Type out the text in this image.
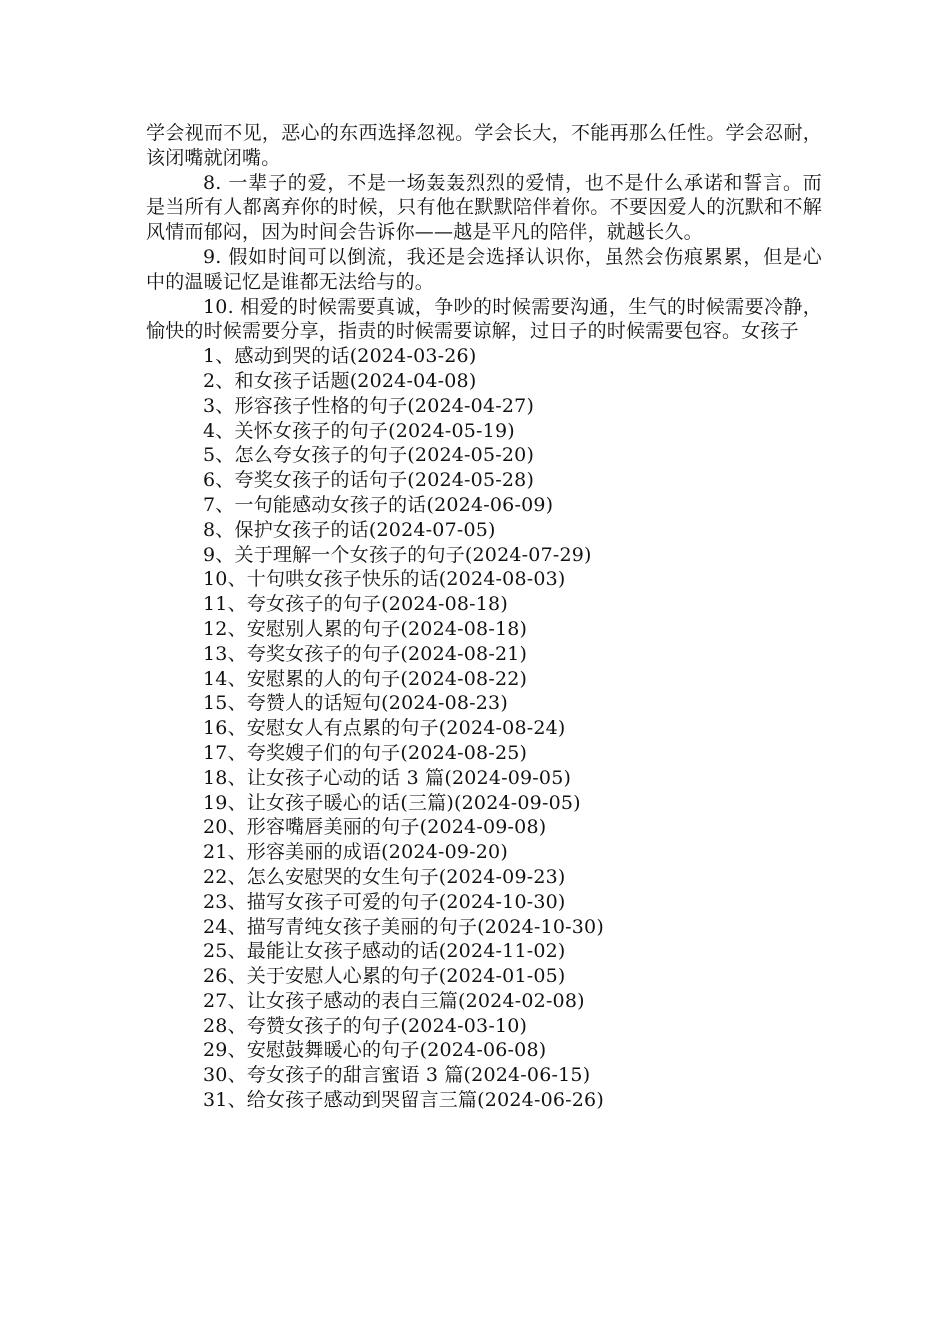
学会视而不见，恶心的东西选择忽视。学会长大，不能再那么任性。学会忍耐，该闭嘴就闭嘴。

8. 一辈子的爱，不是一场轰轰烈烈的爱情，也不是什么承诺和誓言。而是当所有人都离弃你的时候，只有他在默默陪伴着你。不要因爱人的沉默和不解风情而郁闷，因为时间会告诉你——越是平凡的陪伴，就越长久。

9. 假如时间可以倒流，我还是会选择认识你，虽然会伤痕累累，但是心中的温暖记忆是谁都无法给与的。

10. 相爱的时候需要真诚，争吵的时候需要沟通，生气的时候需要冷静，愉快的时候需要分享，指责的时候需要谅解，过日子的时候需要包容。女孩子

1、感动到哭的话(2024-03-26)
2、和女孩子话题(2024-04-08)
3、形容孩子性格的句子(2024-04-27)
4、关怀女孩子的句子(2024-05-19)
5、怎么夸女孩子的句子(2024-05-20)
6、夸奖女孩子的话句子(2024-05-28)
7、一句能感动女孩子的话(2024-06-09)
8、保护女孩子的话(2024-07-05)
9、关于理解一个女孩子的句子(2024-07-29)
10、十句哄女孩子快乐的话(2024-08-03)
11、夸女孩子的句子(2024-08-18)
12、安慰别人累的句子(2024-08-18)
13、夸奖女孩子的句子(2024-08-21)
14、安慰累的人的句子(2024-08-22)
15、夸赞人的话短句(2024-08-23)
16、安慰女人有点累的句子(2024-08-24)
17、夸奖嫂子们的句子(2024-08-25)
18、让女孩子心动的话 3 篇(2024-09-05)
19、让女孩子暖心的话(三篇)(2024-09-05)
20、形容嘴唇美丽的句子(2024-09-08)
21、形容美丽的成语(2024-09-20)
22、怎么安慰哭的女生句子(2024-09-23)
23、描写女孩子可爱的句子(2024-10-30)
24、描写青纯女孩子美丽的句子(2024-10-30)
25、最能让女孩子感动的话(2024-11-02)
26、关于安慰人心累的句子(2024-01-05)
27、让女孩子感动的表白三篇(2024-02-08)
28、夸赞女孩子的句子(2024-03-10)
29、安慰鼓舞暖心的句子(2024-06-08)
30、夸女孩子的甜言蜜语 3 篇(2024-06-15)
31、给女孩子感动到哭留言三篇(2024-06-26)
